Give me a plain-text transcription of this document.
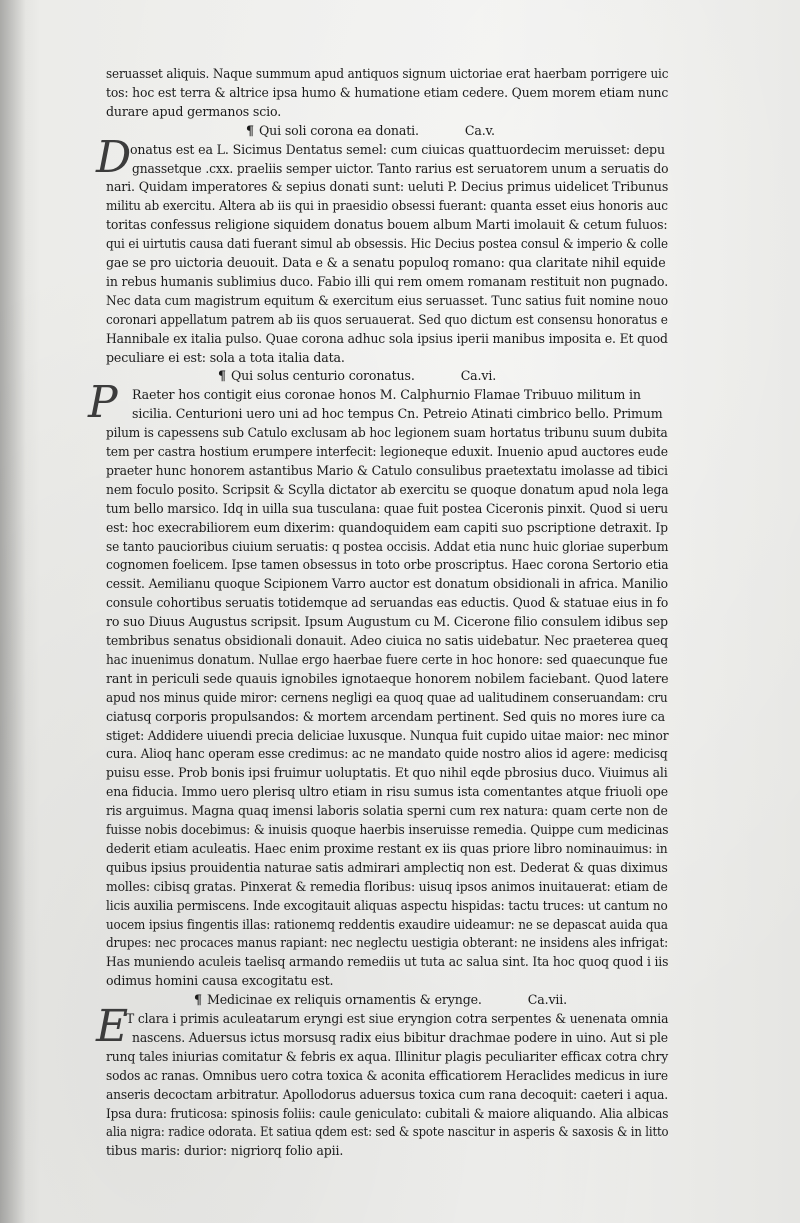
D
P
E
seruasset aliquis. Naque summum apud antiquos signum uictoriae erat haerbam porrigere uic
tos: hoc est terra & altrice ipsa humo & humatione etiam cedere. Quem morem etiam nunc
durare apud germanos scio.
¶ Qui soli corona ea donati.	Ca.v.
onatus est ea L. Sicimus Dentatus semel: cum ciuicas quattuordecim meruisset: depu
gnassetque .cxx. praeliis semper uictor. Tanto rarius est seruatorem unum a seruatis do
nari. Quidam imperatores & sepius donati sunt: ueluti P. Decius primus uidelicet Tribunus
militu ab exercitu. Altera ab iis qui in praesidio obsessi fuerant: quanta esset eius honoris auc
toritas confessus religione siquidem donatus bouem album Marti imolauit & cetum fuluos:
qui ei uirtutis causa dati fuerant simul ab obsessis. Hic Decius postea consul & imperio & colle
gae se pro uictoria deuouit. Data e & a senatu populoq romano: qua claritate nihil equide
in rebus humanis sublimius duco. Fabio illi qui rem omem romanam restituit non pugnado.
Nec data cum magistrum equitum & exercitum eius seruasset. Tunc satius fuit nomine nouo
coronari appellatum patrem ab iis quos seruauerat. Sed quo dictum est consensu honoratus e
Hannibale ex italia pulso. Quae corona adhuc sola ipsius iperii manibus imposita e. Et quod
peculiare ei est: sola a tota italia data.
¶ Qui solus centurio coronatus.	Ca.vi.
Raeter hos contigit eius coronae honos M. Calphurnio Flamae Tribuuo militum in
sicilia. Centurioni uero uni ad hoc tempus Cn. Petreio Atinati cimbrico bello. Primum
pilum is capessens sub Catulo exclusam ab hoc legionem suam hortatus tribunu suum dubita
tem per castra hostium erumpere interfecit: legioneque eduxit. Inuenio apud auctores eude
praeter hunc honorem astantibus Mario & Catulo consulibus praetextatu imolasse ad tibici
nem foculo posito. Scripsit & Scylla dictator ab exercitu se quoque donatum apud nola lega
tum bello marsico. Idq in uilla sua tusculana: quae fuit postea Ciceronis pinxit. Quod si ueru
est: hoc execrabiliorem eum dixerim: quandoquidem eam capiti suo pscriptione detraxit. Ip
se tanto paucioribus ciuium seruatis: q postea occisis. Addat etia nunc huic gloriae superbum
cognomen foelicem. Ipse tamen obsessus in toto orbe proscriptus. Haec corona Sertorio etia
cessit. Aemilianu quoque Scipionem Varro auctor est donatum obsidionali in africa. Manilio
consule cohortibus seruatis totidemque ad seruandas eas eductis. Quod & statuae eius in fo
ro suo Diuus Augustus scripsit. Ipsum Augustum cu M. Cicerone filio consulem idibus sep
tembribus senatus obsidionali donauit. Adeo ciuica no satis uidebatur. Nec praeterea queq
hac inuenimus donatum. Nullae ergo haerbae fuere certe in hoc honore: sed quaecunque fue
rant in periculi sede quauis ignobiles ignotaeque honorem nobilem faciebant. Quod latere
apud nos minus quide miror: cernens negligi ea quoq quae ad ualitudinem conseruandam: cru
ciatusq corporis propulsandos: & mortem arcendam pertinent. Sed quis no mores iure ca
stiget: Addidere uiuendi precia deliciae luxusque. Nunqua fuit cupido uitae maior: nec minor
cura. Alioq hanc operam esse credimus: ac ne mandato quide nostro alios id agere: medicisq
puisu esse. Prob bonis ipsi fruimur uoluptatis. Et quo nihil eqde pbrosius duco. Viuimus ali
ena fiducia. Immo uero plerisq ultro etiam in risu sumus ista comentantes atque friuoli ope
ris arguimus. Magna quaq imensi laboris solatia sperni cum rex natura: quam certe non de
fuisse nobis docebimus: & inuisis quoque haerbis inseruisse remedia. Quippe cum medicinas
dederit etiam aculeatis. Haec enim proxime restant ex iis quas priore libro nominauimus: in
quibus ipsius prouidentia naturae satis admirari amplectiq non est. Dederat & quas diximus
molles: cibisq gratas. Pinxerat & remedia floribus: uisuq ipsos animos inuitauerat: etiam de
licis auxilia permiscens. Inde excogitauit aliquas aspectu hispidas: tactu truces: ut cantum no
uocem ipsius fingentis illas: rationemq reddentis exaudire uideamur: ne se depascat auida qua
drupes: nec procaces manus rapiant: nec neglectu uestigia obterant: ne insidens ales infrigat:
Has muniendo aculeis taelisq armando remediis ut tuta ac salua sint. Ita hoc quoq quod i iis
odimus homini causa excogitatu est.
¶ Medicinae ex reliquis ornamentis & erynge.	Ca.vii.
T clara i primis aculeatarum eryngi est siue eryngion cotra serpentes & uenenata omnia
nascens. Aduersus ictus morsusq radix eius bibitur drachmae podere in uino. Aut si ple
runq tales iniurias comitatur & febris ex aqua. Illinitur plagis peculiariter efficax cotra chry
sodos ac ranas. Omnibus uero cotra toxica & aconita efficatiorem Heraclides medicus in iure
anseris decoctam arbitratur. Apollodorus aduersus toxica cum rana decoquit: caeteri i aqua.
Ipsa dura: fruticosa: spinosis foliis: caule geniculato: cubitali & maiore aliquando. Alia albicas
alia nigra: radice odorata. Et satiua qdem est: sed & spote nascitur in asperis & saxosis & in litto
tibus maris: durior: nigriorq folio apii.
